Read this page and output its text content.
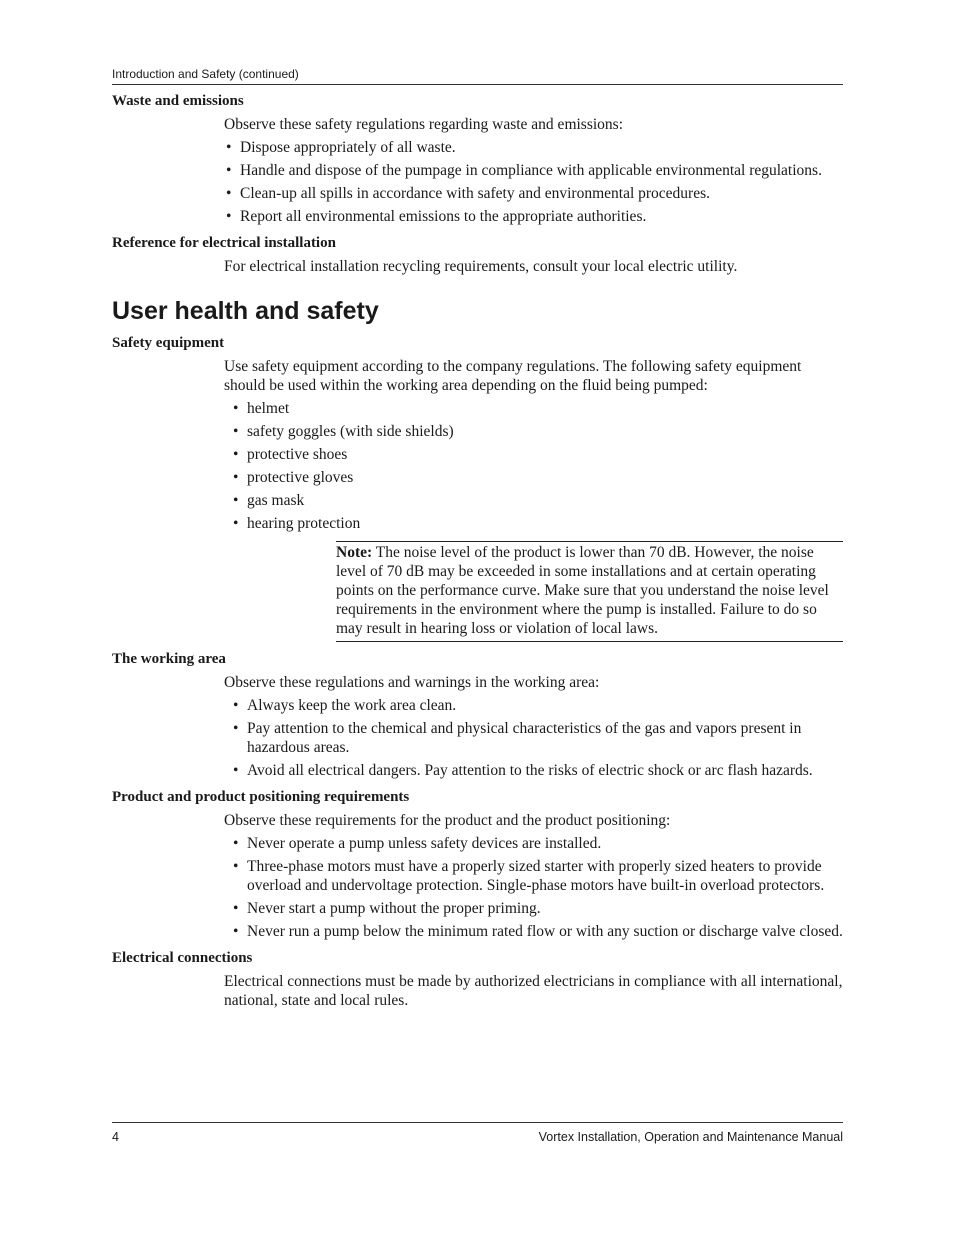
Introduction and Safety (continued)
Waste and emissions

Observe these safety regulations regarding waste and emissions:

• Dispose appropriately of all waste.
• Handle and dispose of the pumpage in compliance with applicable environmental regulations.
• Clean-up all spills in accordance with safety and environmental procedures.
• Report all environmental emissions to the appropriate authorities.
Reference for electrical installation

For electrical installation recycling requirements, consult your local electric utility.

User health and safety
Safety equipment

Use safety equipment according to the company regulations. The following safety equipment should be used within the working area depending on the fluid being pumped:

• helmet
• safety goggles (with side shields)
• protective shoes
• protective gloves
• gas mask
• hearing protection
Note: The noise level of the product is lower than 70 dB. However, the noise level of 70 dB may be exceeded in some installations and at certain operating points on the performance curve. Make sure that you understand the noise level requirements in the environment where the pump is installed. Failure to do so may result in hearing loss or violation of local laws.
The working area

Observe these regulations and warnings in the working area:

• Always keep the work area clean.
• Pay attention to the chemical and physical characteristics of the gas and vapors present in hazardous areas.
• Avoid all electrical dangers. Pay attention to the risks of electric shock or arc flash hazards.
Product and product positioning requirements

Observe these requirements for the product and the product positioning:

• Never operate a pump unless safety devices are installed.
• Three-phase motors must have a properly sized starter with properly sized heaters to provide overload and undervoltage protection. Single-phase motors have built-in overload protectors.
• Never start a pump without the proper priming.
• Never run a pump below the minimum rated flow or with any suction or discharge valve closed.
Electrical connections

Electrical connections must be made by authorized electricians in compliance with all international, national, state and local rules.

4	Vortex Installation, Operation and Maintenance Manual
